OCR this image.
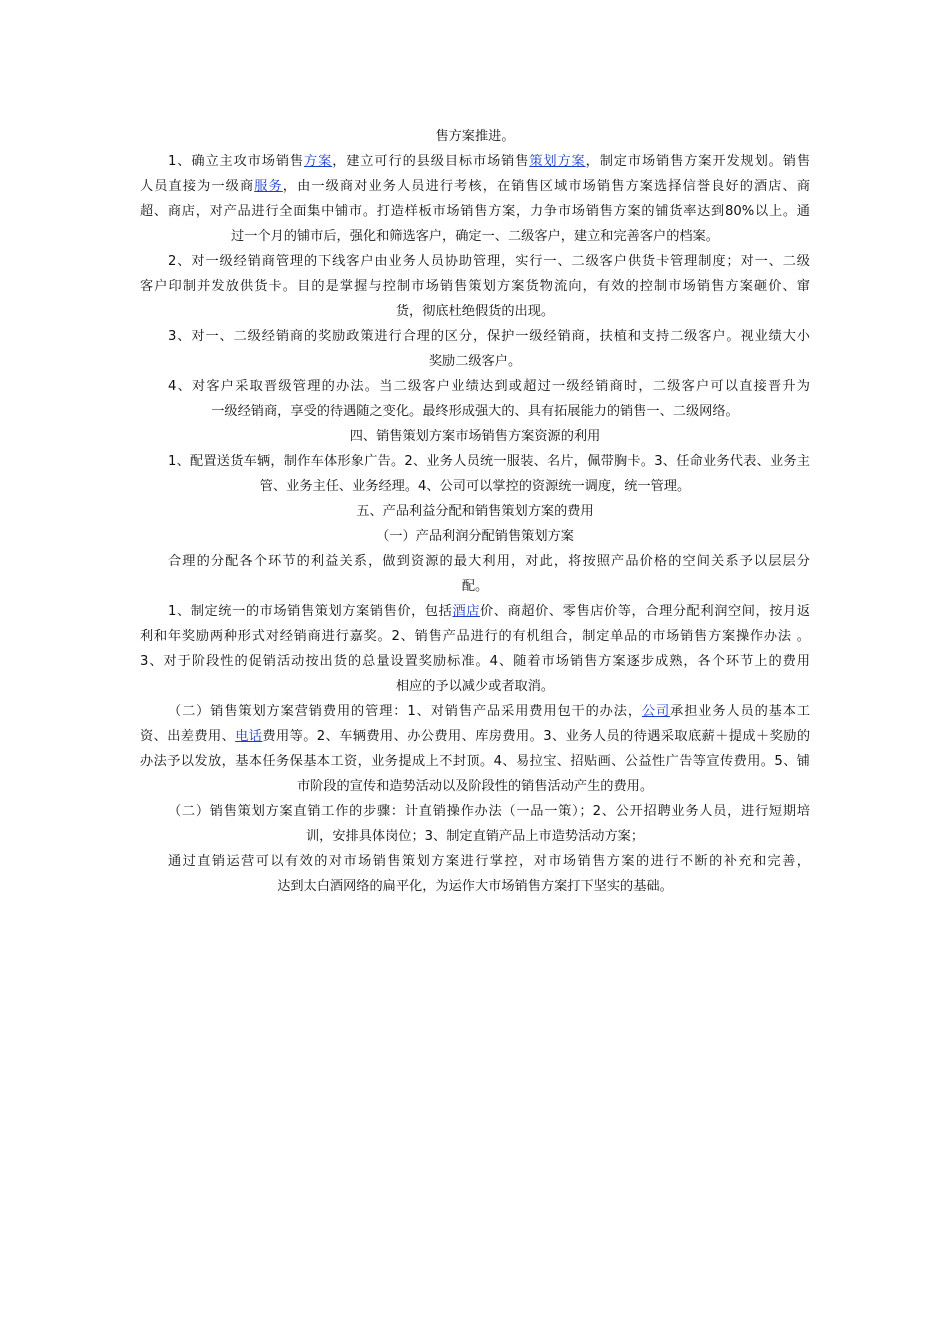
售方案推进。
1、确立主攻市场销售方案，建立可行的县级目标市场销售策划方案，制定市场销售方案开发规划。销售
人员直接为一级商服务，由一级商对业务人员进行考核，在销售区域市场销售方案选择信誉良好的酒店、商
超、商店，对产品进行全面集中铺市。打造样板市场销售方案，力争市场销售方案的铺货率达到80%以上。通
过一个月的铺市后，强化和筛选客户，确定一、二级客户，建立和完善客户的档案。
2、对一级经销商管理的下线客户由业务人员协助管理，实行一、二级客户供货卡管理制度；对一、二级
客户印制并发放供货卡。目的是掌握与控制市场销售策划方案货物流向，有效的控制市场销售方案砸价、窜
货，彻底杜绝假货的出现。
3、对一、二级经销商的奖励政策进行合理的区分，保护一级经销商，扶植和支持二级客户。视业绩大小
奖励二级客户。
4、对客户采取晋级管理的办法。当二级客户业绩达到或超过一级经销商时，二级客户可以直接晋升为
一级经销商，享受的待遇随之变化。最终形成强大的、具有拓展能力的销售一、二级网络。
四、销售策划方案市场销售方案资源的利用
1、配置送货车辆，制作车体形象广告。2、业务人员统一服装、名片，佩带胸卡。3、任命业务代表、业务主
管、业务主任、业务经理。4、公司可以掌控的资源统一调度，统一管理。
五、产品利益分配和销售策划方案的费用
（一）产品利润分配销售策划方案
合理的分配各个环节的利益关系，做到资源的最大利用，对此，将按照产品价格的空间关系予以层层分
配。
1、制定统一的市场销售策划方案销售价，包括酒店价、商超价、零售店价等，合理分配利润空间，按月返
利和年奖励两种形式对经销商进行嘉奖。2、销售产品进行的有机组合，制定单品的市场销售方案操作办法 。
3、对于阶段性的促销活动按出货的总量设置奖励标准。4、随着市场销售方案逐步成熟，各个环节上的费用
相应的予以减少或者取消。
（二）销售策划方案营销费用的管理：1、对销售产品采用费用包干的办法，公司承担业务人员的基本工
资、出差费用、电话费用等。2、车辆费用、办公费用、库房费用。3、业务人员的待遇采取底薪＋提成＋奖励的
办法予以发放，基本任务保基本工资，业务提成上不封顶。4、易拉宝、招贴画、公益性广告等宣传费用。5、铺
市阶段的宣传和造势活动以及阶段性的销售活动产生的费用。
（二）销售策划方案直销工作的步骤：计直销操作办法（一品一策）；2、公开招聘业务人员，进行短期培
训，安排具体岗位；3、制定直销产品上市造势活动方案；
通过直销运营可以有效的对市场销售策划方案进行掌控，对市场销售方案的进行不断的补充和完善，
达到太白酒网络的扁平化，为运作大市场销售方案打下坚实的基础。
